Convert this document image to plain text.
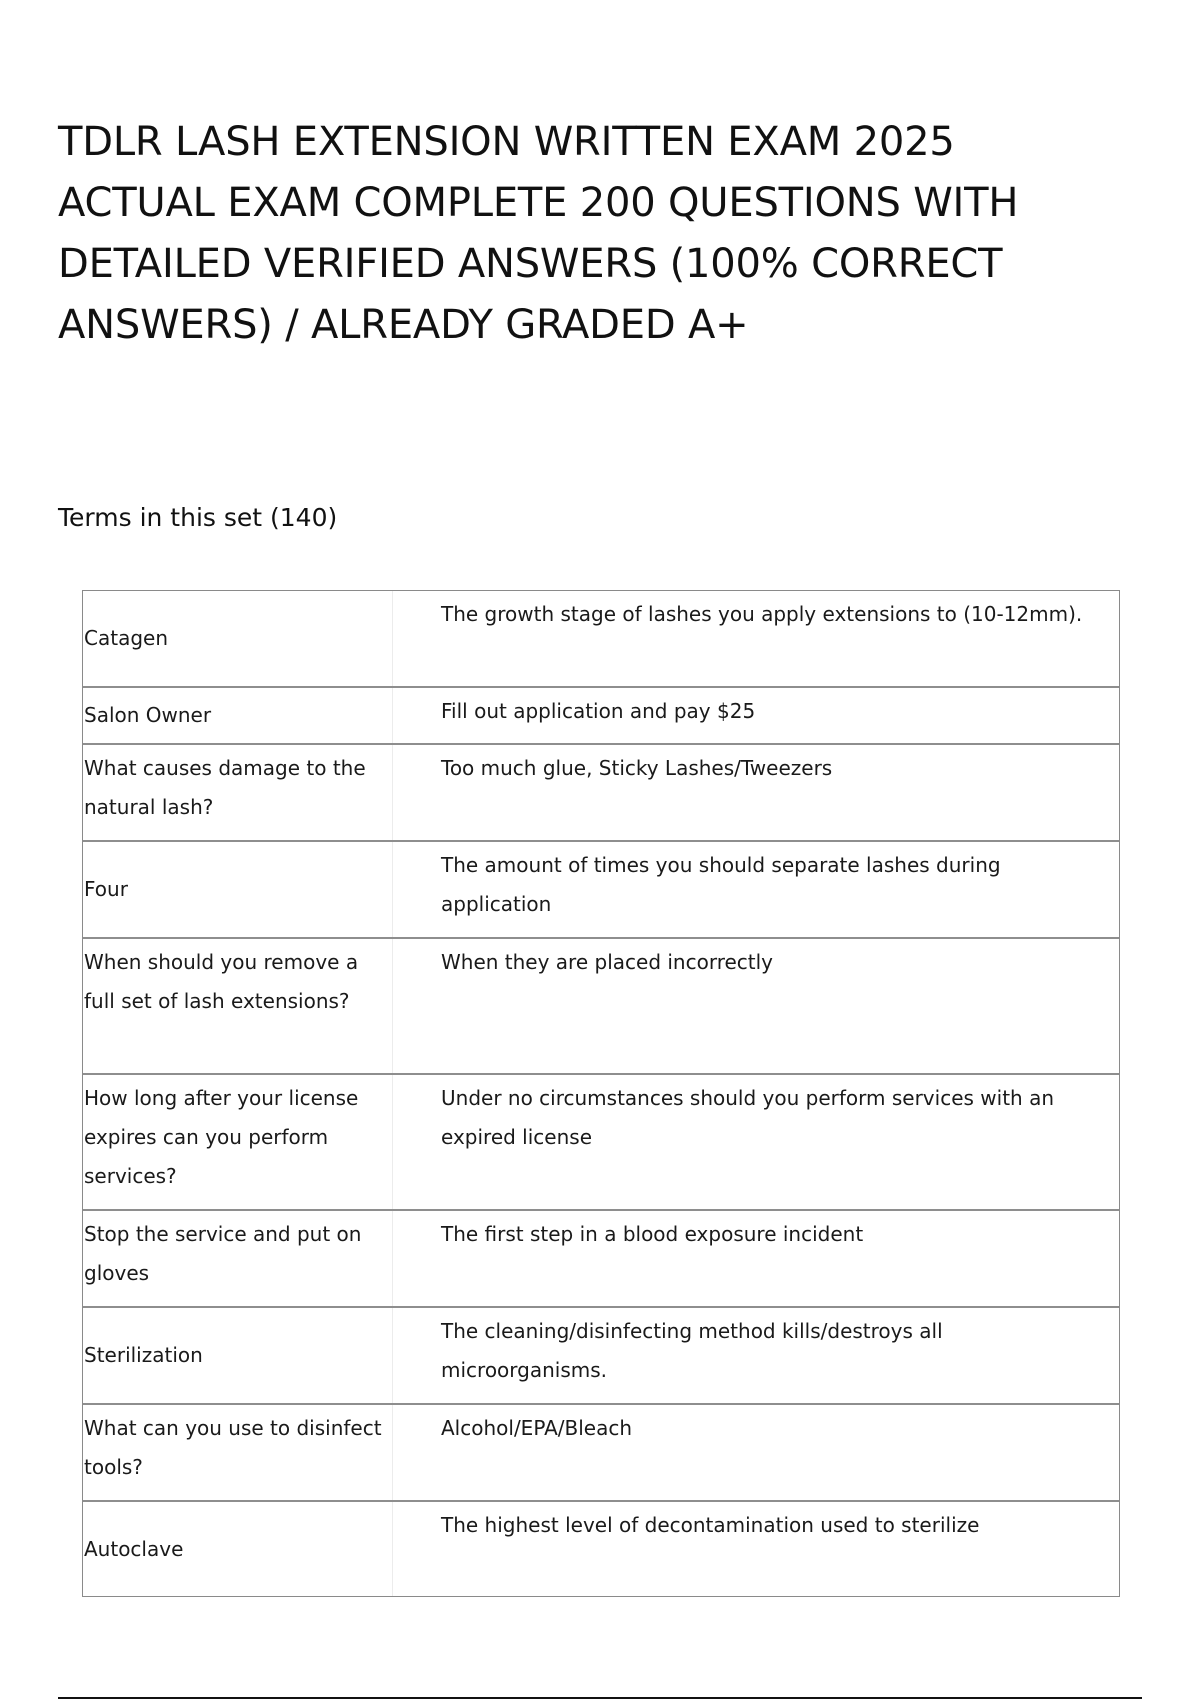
TDLR LASH EXTENSION WRITTEN EXAM 2025 ACTUAL EXAM COMPLETE 200 QUESTIONS WITH DETAILED VERIFIED ANSWERS (100% CORRECT ANSWERS) / ALREADY GRADED A+
Terms in this set (140)
Catagen
The growth stage of lashes you apply extensions to (10-12mm).
Salon Owner	Fill out application and pay $25
What causes damage to the natural lash?
Too much glue, Sticky Lashes/Tweezers
Four
The amount of times you should separate lashes during application
When should you remove a full set of lash extensions?
When they are placed incorrectly
How long after your license expires can you perform services?
Under no circumstances should you perform services with an expired license
Stop the service and put on gloves
The first step in a blood exposure incident
Sterilization
The cleaning/disinfecting method kills/destroys all microorganisms.
What can you use to disinfect tools?
Alcohol/EPA/Bleach
Autoclave
The highest level of decontamination used to sterilize
